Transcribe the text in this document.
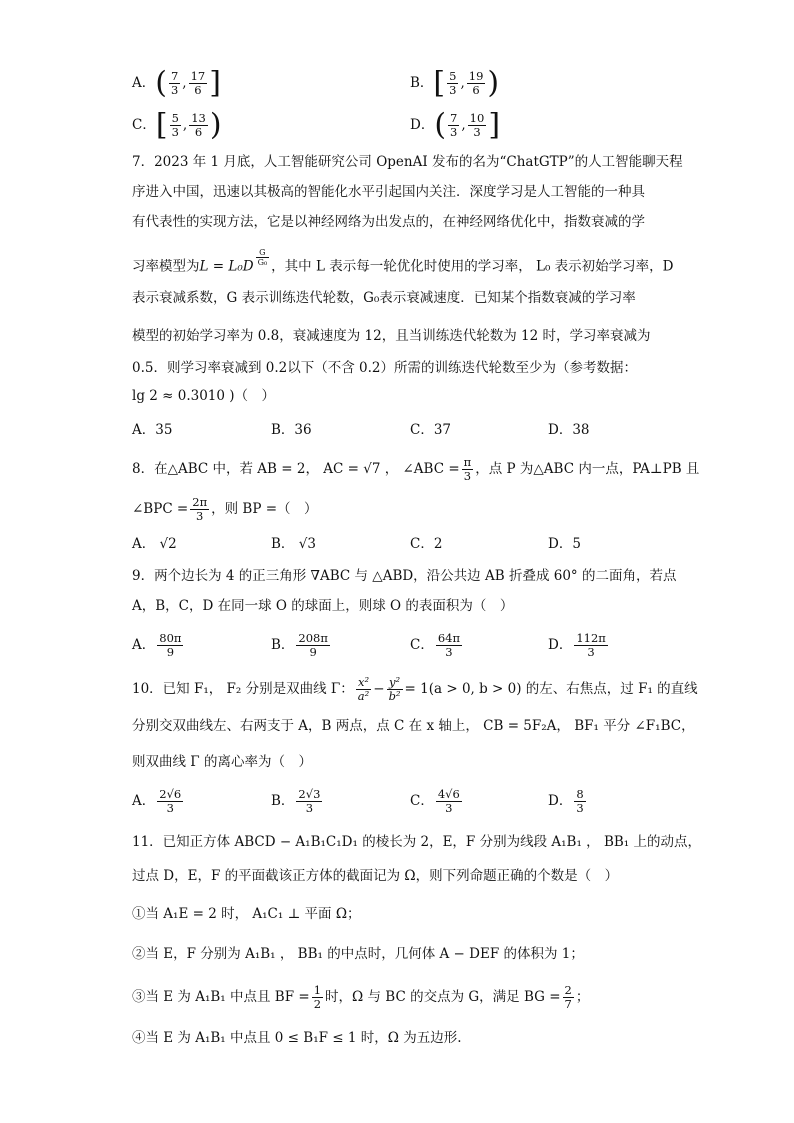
A．( $\frac{7}{3}$ , $\frac{17}{6}$ ]	B．[ $\frac{5}{3}$ , $\frac{19}{6}$ )
C．[ $\frac{5}{3}$ , $\frac{13}{6}$ )	D．( $\frac{7}{3}$ , $\frac{10}{3}$ ]
7．2023 年 1 月底，人工智能研究公司 OpenAI 发布的名为“ChatGTP”的人工智能聊天程
序进入中国，迅速以其极高的智能化水平引起国内关注．深度学习是人工智能的一种具
有代表性的实现方法，它是以神经网络为出发点的，在神经网络优化中，指数衰减的学
习率模型为$L = L_0D \frac{G}{\text{G₀}}$ ，其中 L 表示每一轮优化时使用的学习率， L₀ 表示初始学习率，D
表示衰减系数，G 表示训练迭代轮数，G₀表示衰减速度．已知某个指数衰减的学习率
模型的初始学习率为 0.8，衰减速度为 12，且当训练迭代轮数为 12 时，学习率衰减为
0.5．则学习率衰减到 0.2以下（不含 0.2）所需的训练迭代轮数至少为（参考数据：
lg 2 ≈ 0.3010 )（　）
A．35	B．36	C．37	D．38
8．在△ABC 中，若 AB = 2， AC = √7 ， ∠ABC = $\frac{\pi}{3}$ ，点 P 为△ABC 内一点，PA⊥PB 且
∠BPC = $\frac{2\pi}{3}$ ，则 BP =（　）
A． √2	B． √3	C．2	D．5
9．两个边长为 4 的正三角形 ∇ABC 与 △ABD，沿公共边 AB 折叠成 60° 的二面角，若点
A，B，C，D 在同一球 O 的球面上，则球 O 的表面积为（　）
A． $\frac{80\pi}{9}$	B． $\frac{208\pi}{9}$	C． $\frac{64\pi}{3}$	D． $\frac{112\pi}{3}$
10．已知 F₁， F₂ 分别是双曲线 Γ： $\frac{\text{x²}}{\text{a²}} - \frac{\text{y²}}{\text{b²}} = 1(a > 0$, b > 0) 的左、右焦点，过 F₁ 的直线
分别交双曲线左、右两支于 A，B 两点，点 C 在 x 轴上， CB = 5F₂A， BF₁ 平分 ∠F₁BC，
则双曲线 Γ 的离心率为（　）
A． $\frac{2√6}{3}$	B． $\frac{2√3}{3}$	C． $\frac{4√6}{3}$	D． $\frac{8}{3}$
11．已知正方体 ABCD − A₁B₁C₁D₁ 的棱长为 2，E，F 分别为线段 A₁B₁ ， BB₁ 上的动点，
过点 D，E，F 的平面截该正方体的截面记为 Ω，则下列命题正确的个数是（　）
①当 A₁E = 2 时， A₁C₁ ⊥ 平面 Ω；
②当 E，F 分别为 A₁B₁ ， BB₁ 的中点时，几何体 A − DEF 的体积为 1；
③当 E 为 A₁B₁ 中点且 BF = $\frac{1}{2}$ 时，Ω 与 BC 的交点为 G，满足 BG = $\frac{2}{7}$ ；
④当 E 为 A₁B₁ 中点且 0 ≤ B₁F ≤ 1 时，Ω 为五边形.
